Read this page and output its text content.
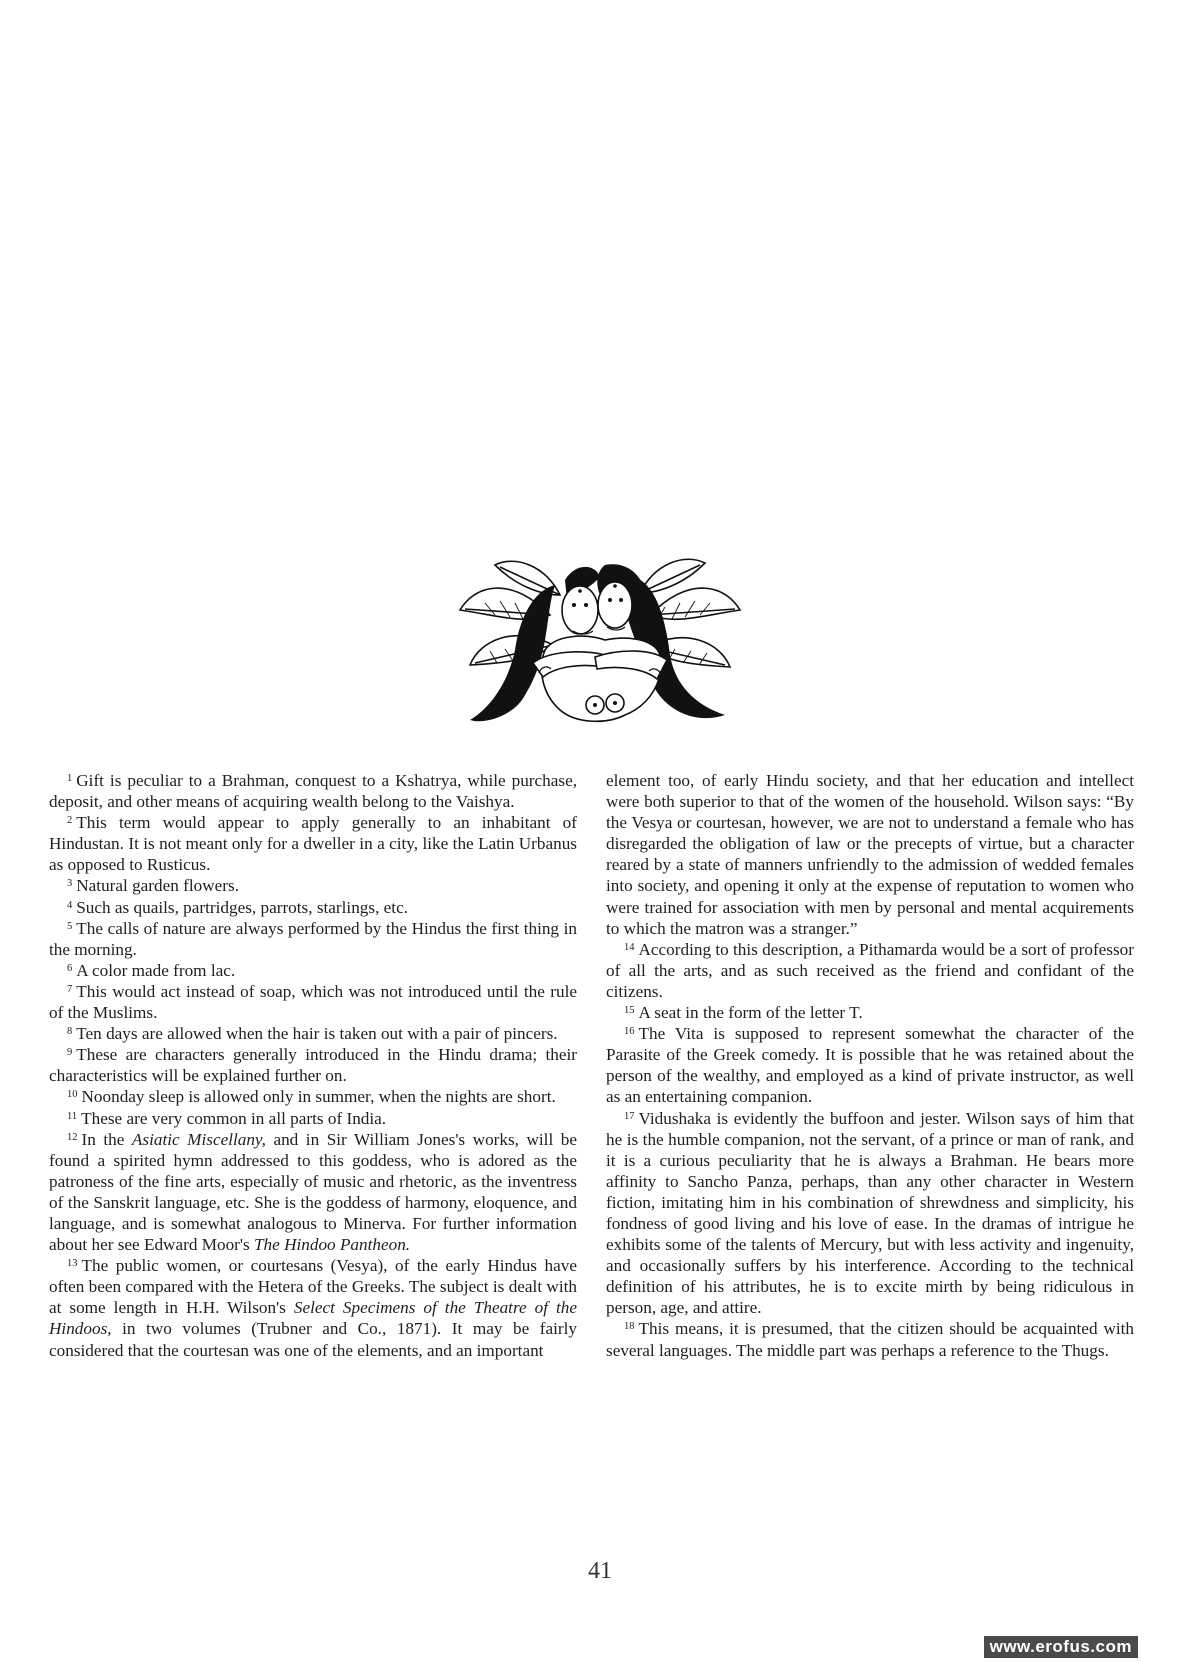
$^1$ Gift is peculiar to a Brahman, conquest to a Kshatrya, while purchase, deposit, and other means of acquiring wealth belong to the Vaishya.

$^2$ This term would appear to apply generally to an inhabitant of Hindustan. It is not meant only for a dweller in a city, like the Latin Urbanus as opposed to Rusticus.

$^3$ Natural garden flowers.

$^4$ Such as quails, partridges, parrots, starlings, etc.

$^5$ The calls of nature are always performed by the Hindus the first thing in the morning.

$^6$ A color made from lac.

$^7$ This would act instead of soap, which was not introduced until the rule of the Muslims.

$^8$ Ten days are allowed when the hair is taken out with a pair of pincers.

$^9$ These are characters generally introduced in the Hindu drama; their characteristics will be explained further on.

$^{10}$ Noonday sleep is allowed only in summer, when the nights are short.

$^{11}$ These are very common in all parts of India.

$^{12}$ In the Asiatic Miscellany, and in Sir William Jones's works, will be found a spirited hymn addressed to this goddess, who is adored as the patroness of the fine arts, especially of music and rhetoric, as the inventress of the Sanskrit language, etc. She is the goddess of harmony, eloquence, and language, and is somewhat analogous to Minerva. For further information about her see Edward Moor's The Hindoo Pantheon.

$^{13}$ The public women, or courtesans (Vesya), of the early Hindus have often been compared with the Hetera of the Greeks. The subject is dealt with at some length in H.H. Wilson's Select Specimens of the Theatre of the Hindoos, in two volumes (Trubner and Co., 1871). It may be fairly considered that the courtesan was one of the elements, and an important

element too, of early Hindu society, and that her education and intellect were both superior to that of the women of the household. Wilson says: “By the Vesya or courtesan, however, we are not to understand a female who has disregarded the obligation of law or the precepts of virtue, but a character reared by a state of manners unfriendly to the admission of wedded females into society, and opening it only at the expense of reputation to women who were trained for association with men by personal and mental acquirements to which the matron was a stranger.”

$^{14}$ According to this description, a Pithamarda would be a sort of professor of all the arts, and as such received as the friend and confidant of the citizens.

$^{15}$ A seat in the form of the letter T.

$^{16}$ The Vita is supposed to represent somewhat the character of the Parasite of the Greek comedy. It is possible that he was retained about the person of the wealthy, and employed as a kind of private instructor, as well as an entertaining companion.

$^{17}$ Vidushaka is evidently the buffoon and jester. Wilson says of him that he is the humble companion, not the servant, of a prince or man of rank, and it is a curious peculiarity that he is always a Brahman. He bears more affinity to Sancho Panza, perhaps, than any other character in Western fiction, imitating him in his combination of shrewdness and simplicity, his fondness of good living and his love of ease. In the dramas of intrigue he exhibits some of the talents of Mercury, but with less activity and ingenuity, and occasionally suffers by his interference. According to the technical definition of his attributes, he is to excite mirth by being ridiculous in person, age, and attire.

$^{18}$ This means, it is presumed, that the citizen should be acquainted with several languages. The middle part was perhaps a reference to the Thugs.

41
www.erofus.com
